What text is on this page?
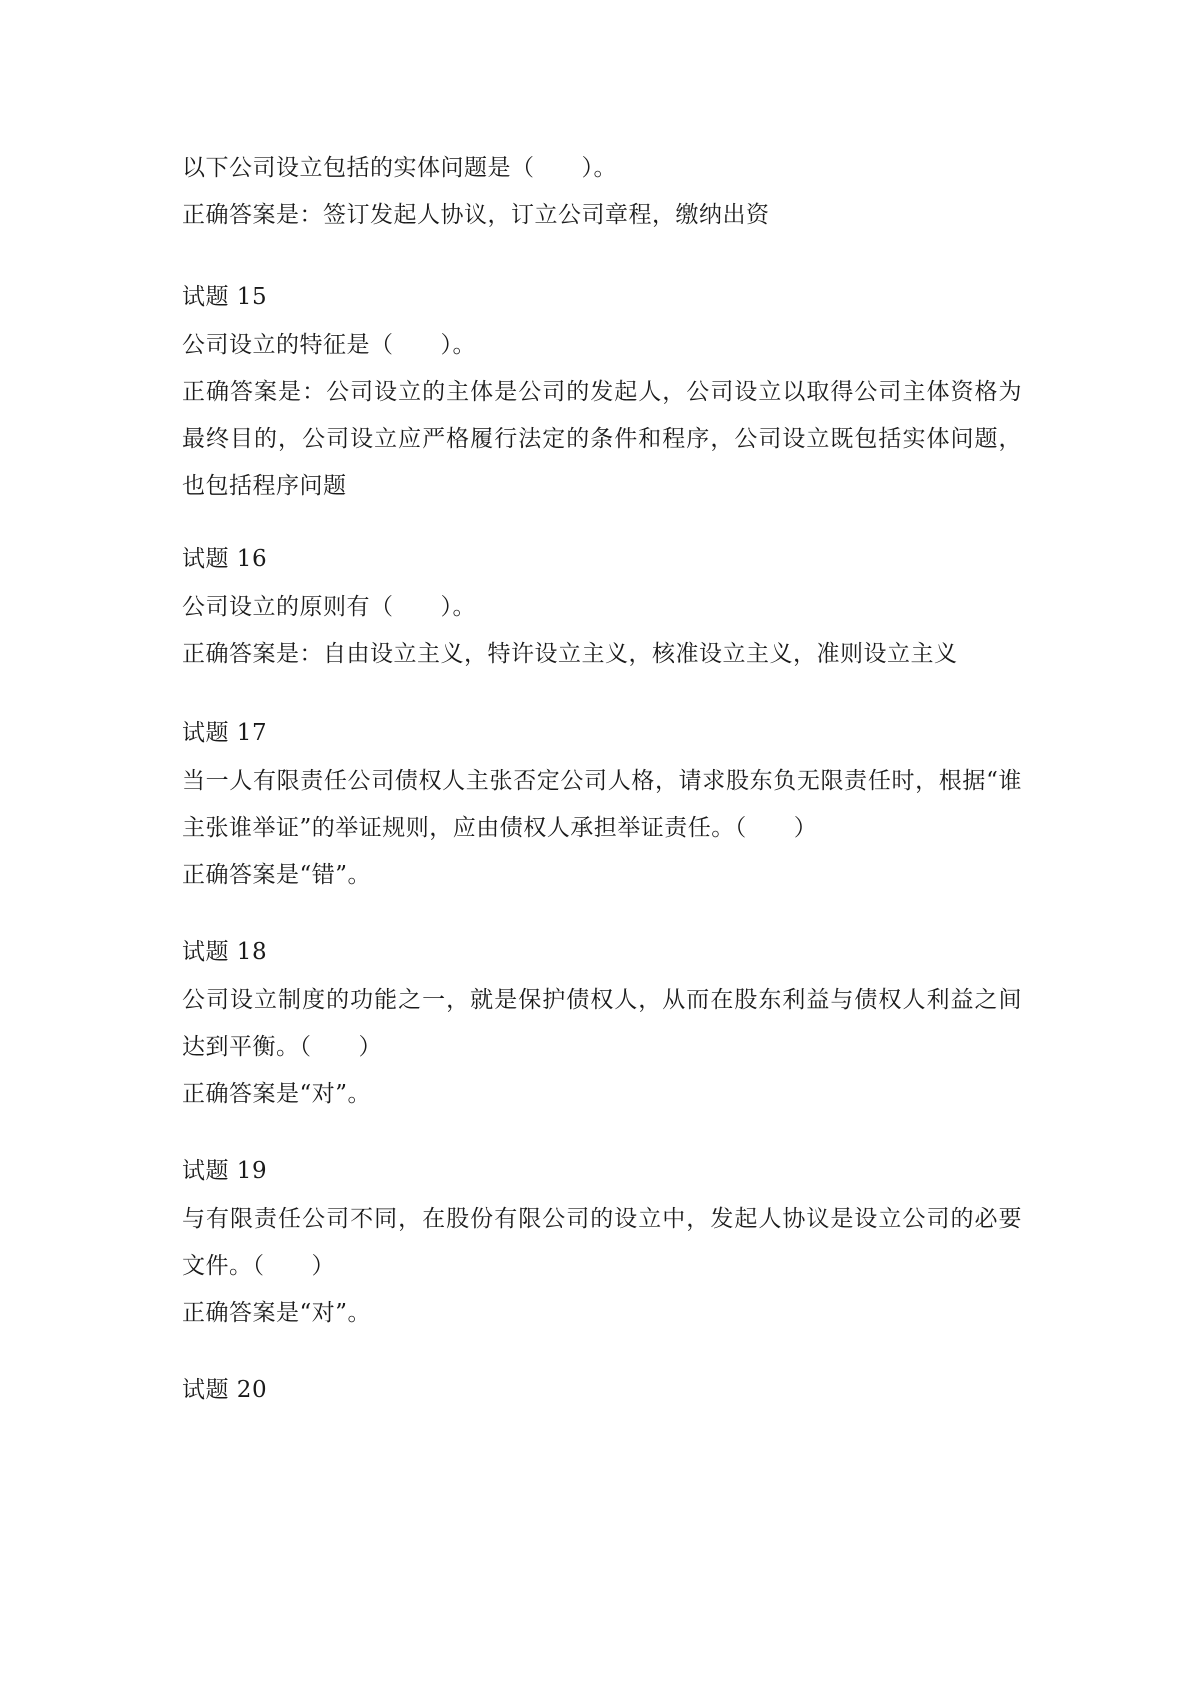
以下公司设立包括的实体问题是（　　）。
正确答案是：签订发起人协议，订立公司章程，缴纳出资
试题 15
公司设立的特征是（　　）。
正确答案是：公司设立的主体是公司的发起人，公司设立以取得公司主体资格为最终目的，公司设立应严格履行法定的条件和程序，公司设立既包括实体问题，也包括程序问题
试题 16
公司设立的原则有（　　）。
正确答案是：自由设立主义，特许设立主义，核准设立主义，准则设立主义
试题 17
当一人有限责任公司债权人主张否定公司人格，请求股东负无限责任时，根据“谁主张谁举证”的举证规则，应由债权人承担举证责任。（　　）
正确答案是“错”。
试题 18
公司设立制度的功能之一，就是保护债权人，从而在股东利益与债权人利益之间达到平衡。（　　）
正确答案是“对”。
试题 19
与有限责任公司不同，在股份有限公司的设立中，发起人协议是设立公司的必要文件。（　　）
正确答案是“对”。
试题 20
